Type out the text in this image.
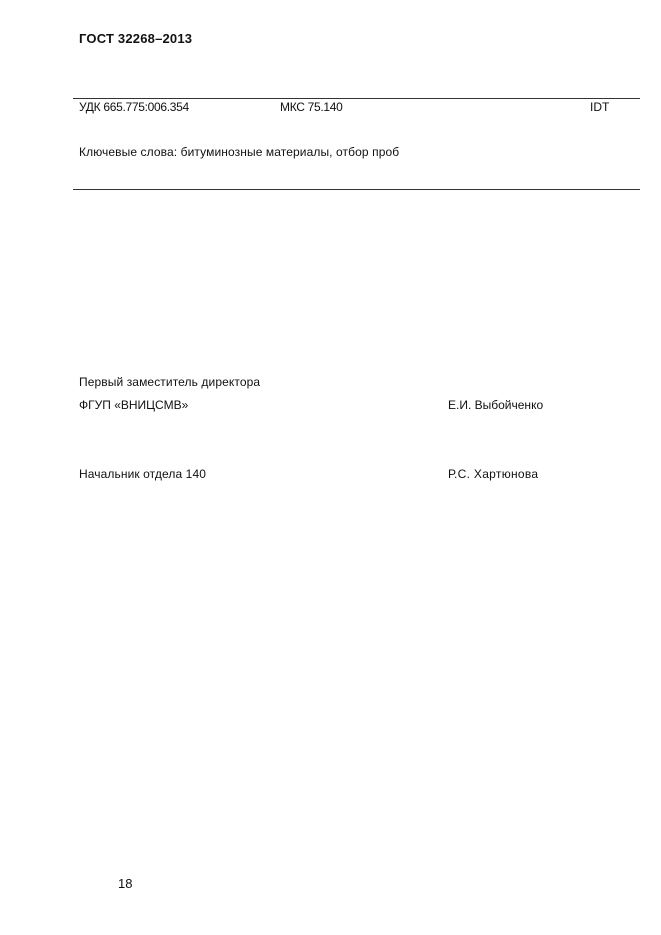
ГОСТ 32268–2013
УДК 665.775:006.354	МКС 75.140	IDT
Ключевые слова: битуминозные материалы, отбор проб
Первый заместитель директора
ФГУП «ВНИЦСМВ»	Е.И. Выбойченко
Начальник отдела 140	Р.С. Хартюнова
18
